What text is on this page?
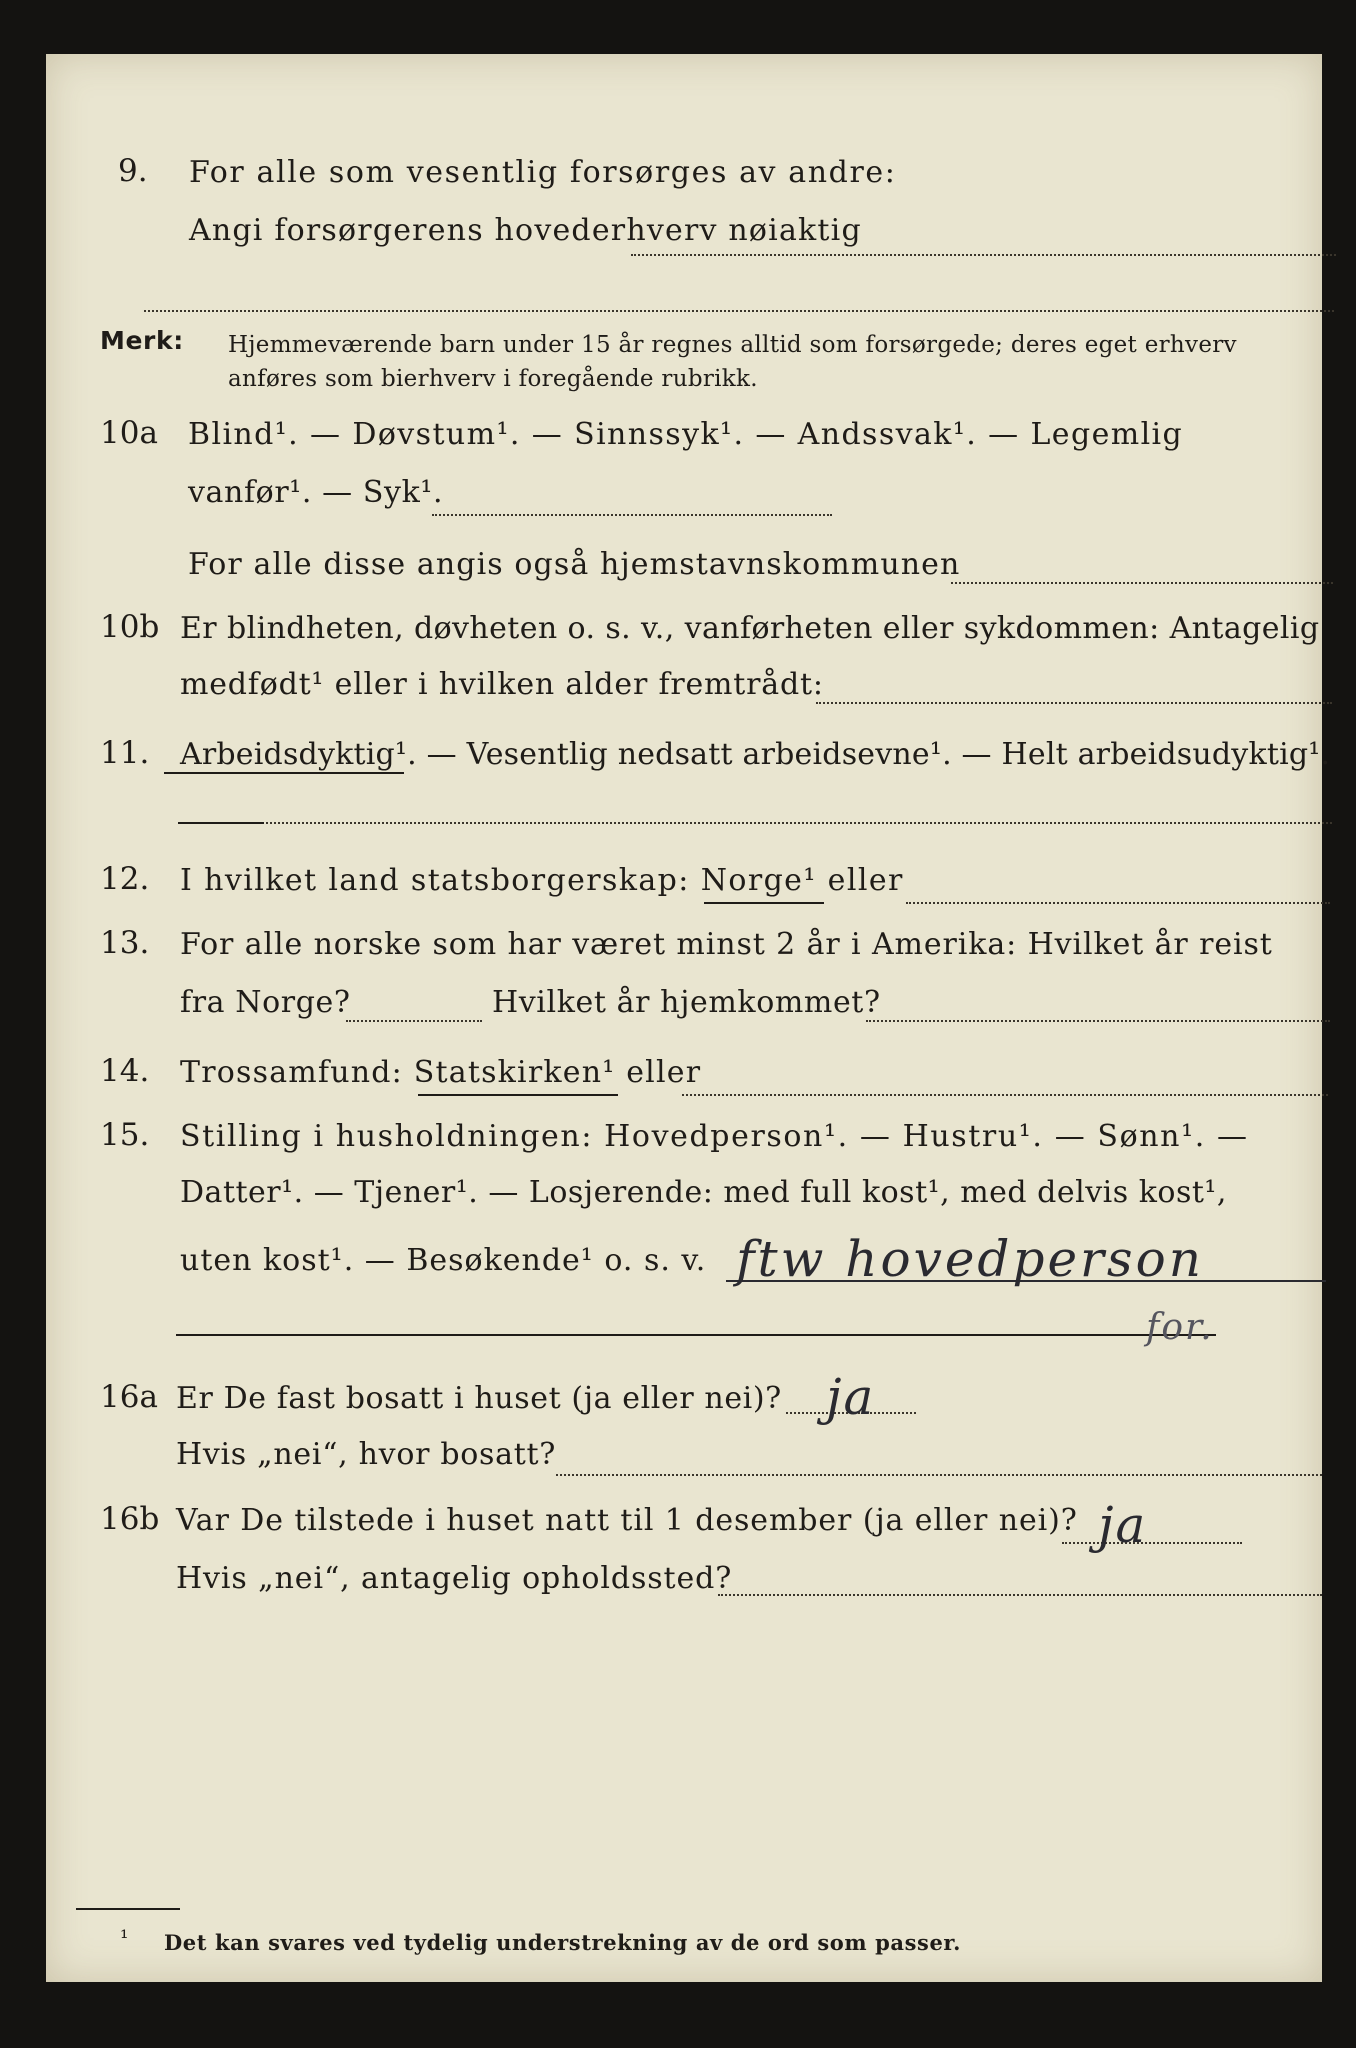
9. For alle som vesentlig forsørges av andre:
Angi forsørgerens hovederhverv nøiaktig
Merk: Hjemmeværende barn under 15 år regnes alltid som forsørgede; deres eget erhverv
anføres som bierhverv i foregående rubrikk.
10a Blind¹. — Døvstum¹. — Sinnssyk¹. — Andssvak¹. — Legemlig
vanfør¹. — Syk¹.
For alle disse angis også hjemstavnskommunen
10b Er blindheten, døvheten o. s. v., vanførheten eller sykdommen: Antagelig
medfødt¹ eller i hvilken alder fremtrådt:
11. Arbeidsdyktig¹. — Vesentlig nedsatt arbeidsevne¹. — Helt arbeidsudyktig¹.
12. I hvilket land statsborgerskap: Norge¹ eller
13. For alle norske som har været minst 2 år i Amerika: Hvilket år reist
fra Norge?	Hvilket år hjemkommet?
14. Trossamfund: Statskirken¹ eller
15. Stilling i husholdningen: Hovedperson¹. — Hustru¹. — Sønn¹. —
Datter¹. — Tjener¹. — Losjerende: med full kost¹, med delvis kost¹,
uten kost¹. — Besøkende¹ o. s. v. ftw hovedperson
for.
16a Er De fast bosatt i huset (ja eller nei)? ja
Hvis „nei“, hvor bosatt?
16b Var De tilstede i huset natt til 1 desember (ja eller nei)? ja
Hvis „nei“, antagelig opholdssted?
¹ Det kan svares ved tydelig understrekning av de ord som passer.
